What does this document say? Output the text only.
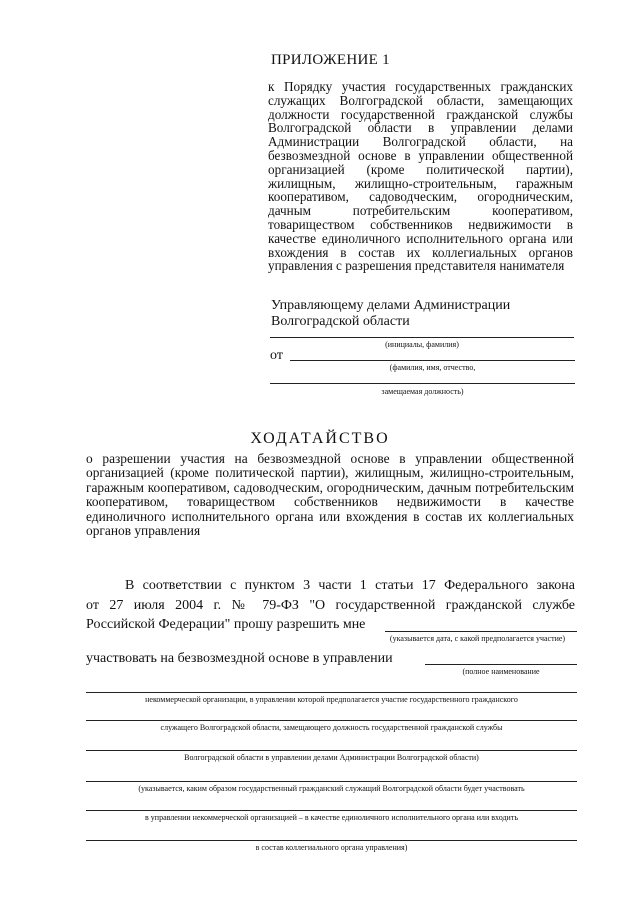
ПРИЛОЖЕНИЕ 1
к Порядку участия государственных гражданских служащих Волгоградской области, замещающих должности государственной гражданской службы Волгоградской области в управлении делами Администрации Волгоградской области, на безвозмездной основе в управлении общественной организацией (кроме политической партии), жилищным, жилищно-строительным, гаражным кооперативом, садоводческим, огородническим, дачным потребительским кооперативом, товариществом собственников недвижимости в качестве единоличного исполнительного органа или вхождения в состав их коллегиальных органов управления с разрешения представителя нанимателя
Управляющему делами Администрации
Волгоградской области
(инициалы, фамилия)
от
(фамилия, имя, отчество,
замещаемая должность)
ХОДАТАЙСТВО
о разрешении участия на безвозмездной основе в управлении общественной организацией (кроме политической партии), жилищным, жилищно-строительным, гаражным кооперативом, садоводческим, огородническим, дачным потребительским кооперативом, товариществом собственников недвижимости в качестве единоличного исполнительного органа или вхождения в состав их коллегиальных органов управления
В соответствии с пунктом 3 части 1 статьи 17 Федерального закона
от 27 июля 2004 г. № 79-ФЗ "О государственной гражданской службе
Российской Федерации" прошу разрешить мне
(указывается дата, с какой предполагается участие)
участвовать на безвозмездной основе в управлении
(полное наименование
некоммерческой организации, в управлении которой предполагается участие государственного гражданского
служащего Волгоградской области, замещающего должность государственной гражданской службы
Волгоградской области в управлении делами Администрации Волгоградской области)
(указывается, каким образом государственный гражданский служащий Волгоградской области будет участвовать
в управлении некоммерческой организацией – в качестве единоличного исполнительного органа или входить
в состав коллегиального органа управления)
